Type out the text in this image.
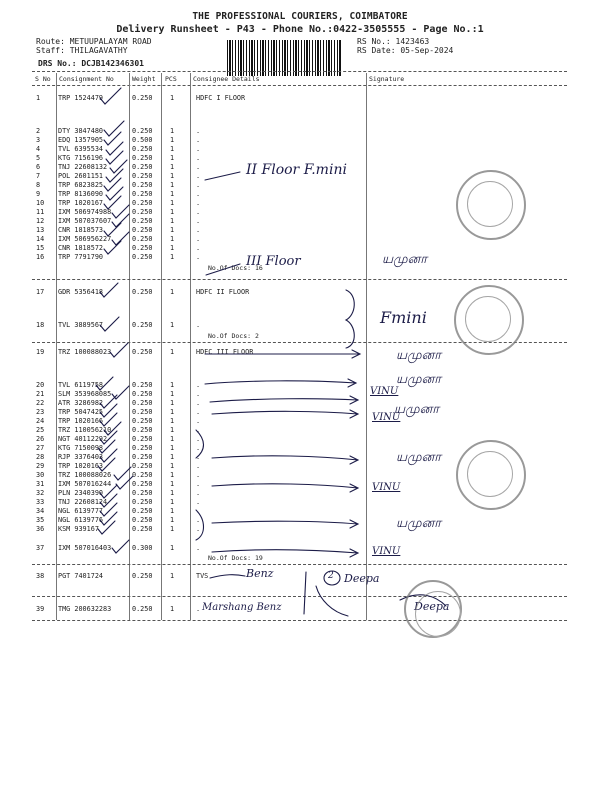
THE PROFESSIONAL COURIERS, COIMBATORE
Delivery Runsheet - P43 - Phone No.:0422-3505555 - Page No.:1
Route: METUUPALAYAM ROAD
Staff: THILAGAVATHY
DRS No.: DCJB142346301
RS No.: 1423463
RS Date: 05-Sep-2024
S No Consignment No	Weight PCS	Consignee Details	Signature
1	TRP 1524479	0.250	1	HDFC I FLOOR
2	DTY 3847480	0.250	1	.
3	EDQ 1357905	0.500	1	.
4	TVL 6395534	0.250	1	.
5	KTG 7156196	0.250	1	.
6	TNJ 22608132	0.250	1	.
7	POL 2601151	0.250	1	.
8	TRP 6823825	0.250	1	.
9	TRP 8136090	0.250	1	.
10 TRP 1020167	0.250	1	.
11 IXM 506974988	0.250	1	.
12 IXM 507037607	0.250	1	.
13 CNR 1818573	0.250	1	.
14 IXM 506956227	0.250	1	.
15 CNR 1818572	0.250	1	.
16 TRP 7791790	0.250	1	.
No.Of Docs: 16
17 GDR 5356418	0.250	1	HDFC II FLOOR
18 TVL 3889567	0.250	1	.
No.Of Docs: 2
19 TRZ 100088023	0.250	1	HDFC III FLOOR
20 TVL 6119758	0.250	1	.
21 SLM 353968085	0.250	1	.
22 ATR 3286982	0.250	1	.
23 TRP 5047425	0.250	1	.
24 TRP 1020166	0.250	1	.
25 TRZ 110056210	0.250	1	.
26 NGT 40112292	0.250	1	.
27 KTG 7150098	0.250	1	.
28 RJP 3376403	0.250	1	.
29 TRP 1020163	0.250	1	.
30 TRZ 100088026	0.250	1	.
31 IXM 507016244	0.250	1	.
32 PLN 2340390	0.250	1	.
33 TNJ 22608124	0.250	1	.
34 NGL 6139777	0.250	1	.
35 NGL 6139776	0.250	1	.
36 KSM 939167	0.250	1	.
37 IXM 507016403	0.300	1	.
No.Of Docs: 19
38 PGT 7401724	0.250	1	TVS
39 TMG 200632283	0.250	1	.
II Floor F.mini
III Floor	யமுனா
Fmini
யமுனா
யமுனா
VINU
யமுனா
VINU
யமுனா
VINU
யமுனா
VINU
Benz
Marshang Benz
2 Deepa
Deepa
